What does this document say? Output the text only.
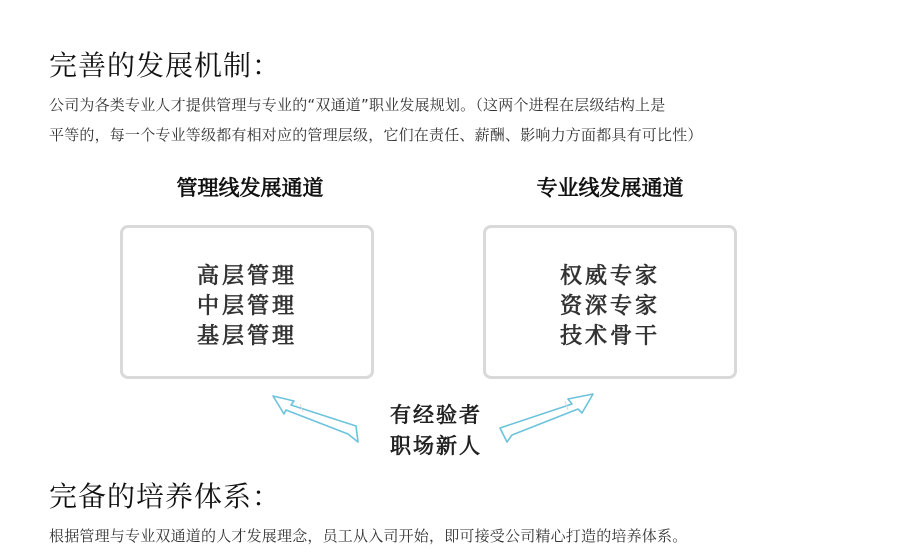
完善的发展机制：
公司为各类专业人才提供管理与专业的“双通道”职业发展规划。（这两个进程在层级结构上是
平等的，每一个专业等级都有相对应的管理层级，它们在责任、薪酬、影响力方面都具有可比性）
管理线发展通道	专业线发展通道
高层管理
中层管理
基层管理
权威专家
资深专家
技术骨干
有经验者
职场新人
完备的培养体系：
根据管理与专业双通道的人才发展理念，员工从入司开始，即可接受公司精心打造的培养体系。
